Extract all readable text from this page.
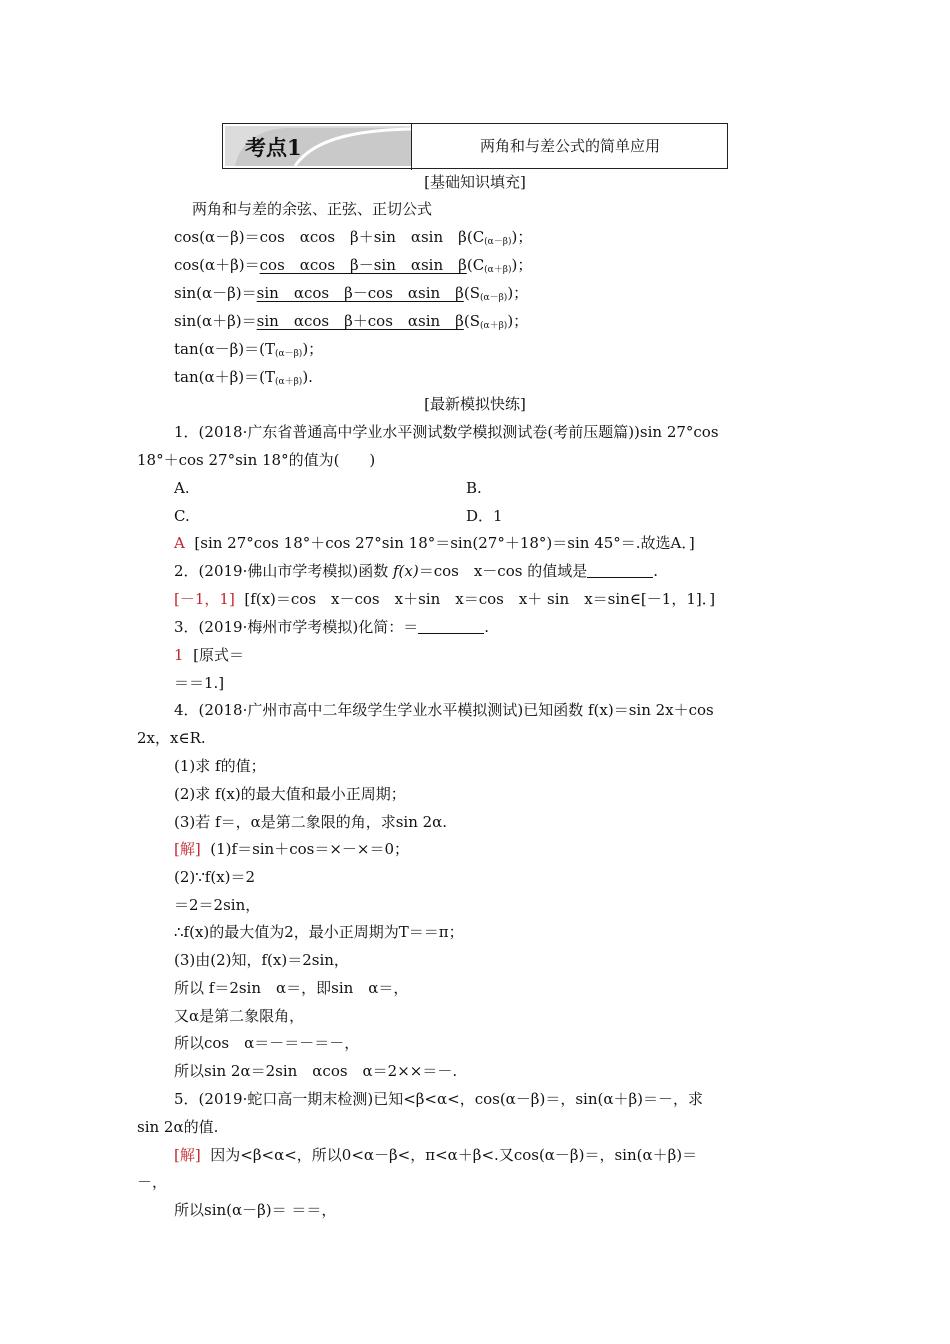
考点1	两角和与差公式的简单应用
[基础知识填充]
两角和与差的余弦、正弦、正切公式
cos(α－β)＝cos　αcos　β＋sin　αsin　$\beta(C_{(\alpha-\beta)})$；
cos(α＋β)＝cos　αcos　β－sin　αsin　$\beta(C_{(\alpha+\beta)})$；
sin(α－β)＝sin　αcos　β－cos　αsin　$\beta(S_{(\alpha-\beta)})$；
sin(α＋β)＝sin　αcos　β＋cos　αsin　$\beta(S_{(\alpha+\beta)})$；
$\tan(\alpha-\beta)=(T_{(\alpha-\beta)})$；
$\tan(\alpha+\beta)=(T_{(\alpha+\beta)})$.
[最新模拟快练]
1．(2018·广东省普通高中学业水平测试数学模拟测试卷(考前压题篇))sin 27°cos
18°＋cos 27°sin 18°的值为(　　)
A.	B.
C.	D．1
A [sin 27°cos 18°＋cos 27°sin 18°＝sin(27°＋18°)＝sin 45°＝.故选A．]
2．(2019·佛山市学考模拟)函数 f(x)＝cos　x－cos 的值域是	.
[－1，1] [f(x)＝cos　x－cos　x＋sin　x＝cos　x＋ sin　x＝sin∈[－1，1]．]
3．(2019·梅州市学考模拟)化简：＝	.
1 [原式＝
＝＝1.]
4．(2018·广州市高中二年级学生学业水平模拟测试)已知函数 f(x)＝sin 2x＋cos
2x，x∈R.
(1)求 f的值；
(2)求 f(x)的最大值和最小正周期；
(3)若 f＝，α是第二象限的角，求sin 2α.
[解] (1)f＝sin＋cos＝×－×＝0；
(2)∵f(x)＝2
＝2＝2sin，
∴f(x)的最大值为2，最小正周期为T＝＝π；
(3)由(2)知，f(x)＝2sin，
所以 f＝2sin　α＝，即sin　α＝，
又α是第二象限角，
所以cos　α＝－＝－＝－，
所以sin 2α＝2sin　αcos　α＝2××＝－.
5．(2019·蛇口高一期末检测)已知<β<α<，cos(α－β)＝，sin(α＋β)＝－，求
sin 2α的值.
[解] 因为<β<α<，所以0<α－β<，π<α＋β<.又cos(α－β)＝，sin(α＋β)＝
－，
所以sin(α－β)＝ ＝＝，
